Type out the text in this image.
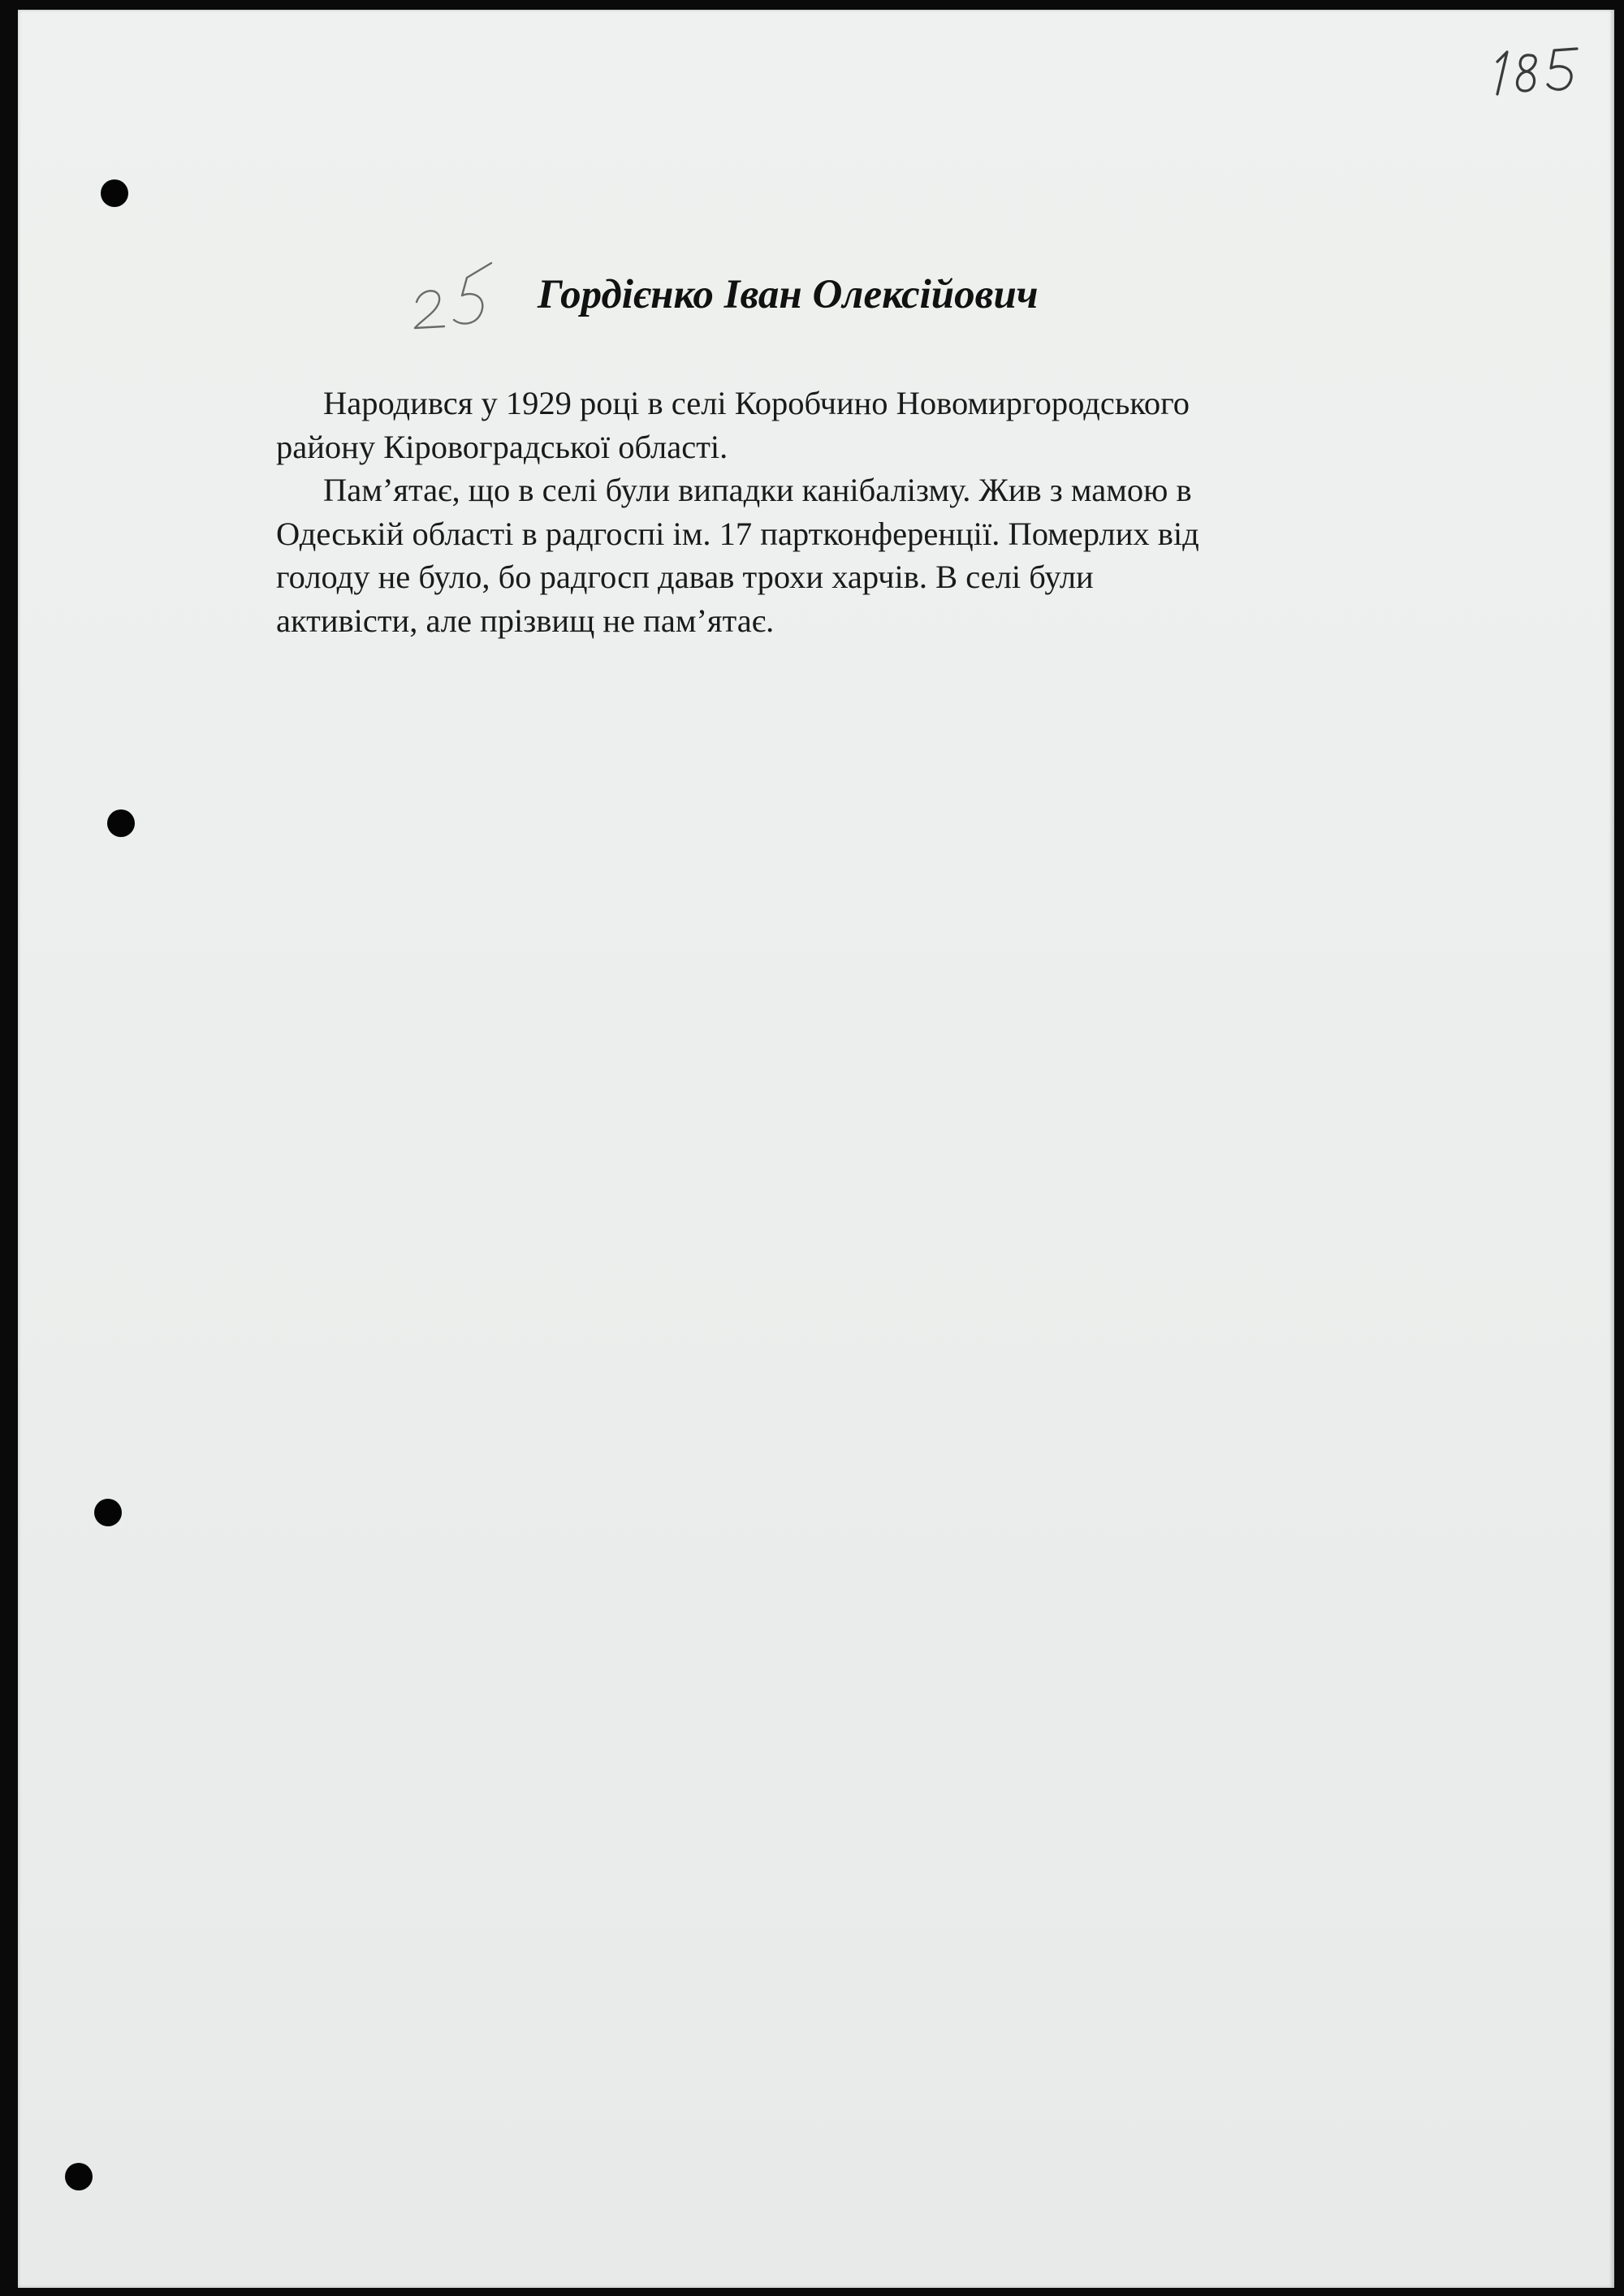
Гордієнко Іван Олексійович

Народився у 1929 році в селі Коробчино Новомиргородського
району Кіровоградської області.

Пам’ятає, що в селі були випадки канібалізму. Жив з мамою в
Одеській області в радгоспі ім. 17 партконференції. Померлих від
голоду не було, бо радгосп давав трохи харчів. В селі були
активісти, але прізвищ не пам’ятає.
